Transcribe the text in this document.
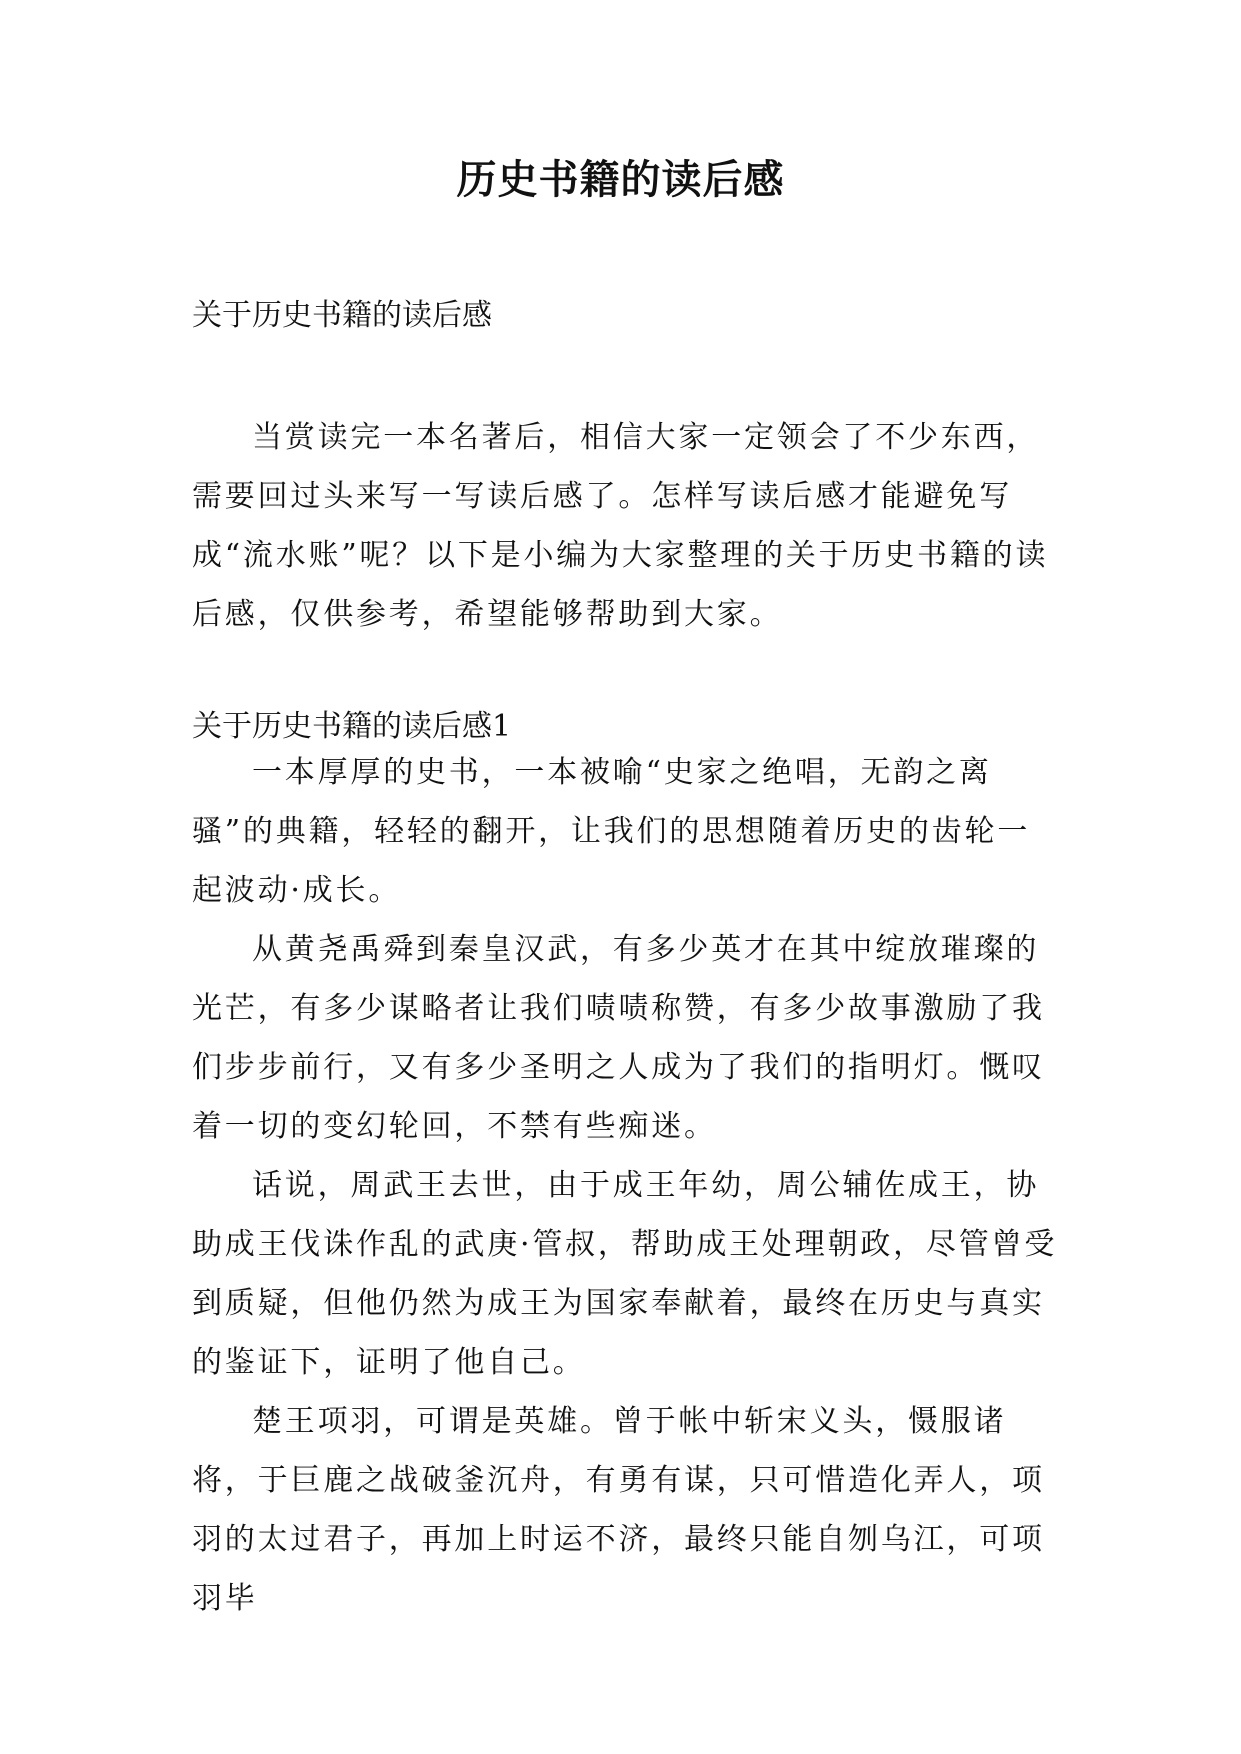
历史书籍的读后感
关于历史书籍的读后感

当赏读完一本名著后，相信大家一定领会了不少东西，需要回过头来写一写读后感了。怎样写读后感才能避免写成“流水账”呢？以下是小编为大家整理的关于历史书籍的读后感，仅供参考，希望能够帮助到大家。

关于历史书籍的读后感1

一本厚厚的史书，一本被喻“史家之绝唱，无韵之离骚”的典籍，轻轻的翻开，让我们的思想随着历史的齿轮一起波动·成长。

从黄尧禹舜到秦皇汉武，有多少英才在其中绽放璀璨的光芒，有多少谋略者让我们啧啧称赞，有多少故事激励了我们步步前行，又有多少圣明之人成为了我们的指明灯。慨叹着一切的变幻轮回，不禁有些痴迷。

话说，周武王去世，由于成王年幼，周公辅佐成王，协助成王伐诛作乱的武庚·管叔，帮助成王处理朝政，尽管曾受到质疑，但他仍然为成王为国家奉献着，最终在历史与真实的鉴证下，证明了他自己。

楚王项羽，可谓是英雄。曾于帐中斩宋义头，慑服诸将，于巨鹿之战破釜沉舟，有勇有谋，只可惜造化弄人，项羽的太过君子，再加上时运不济，最终只能自刎乌江，可项羽毕
